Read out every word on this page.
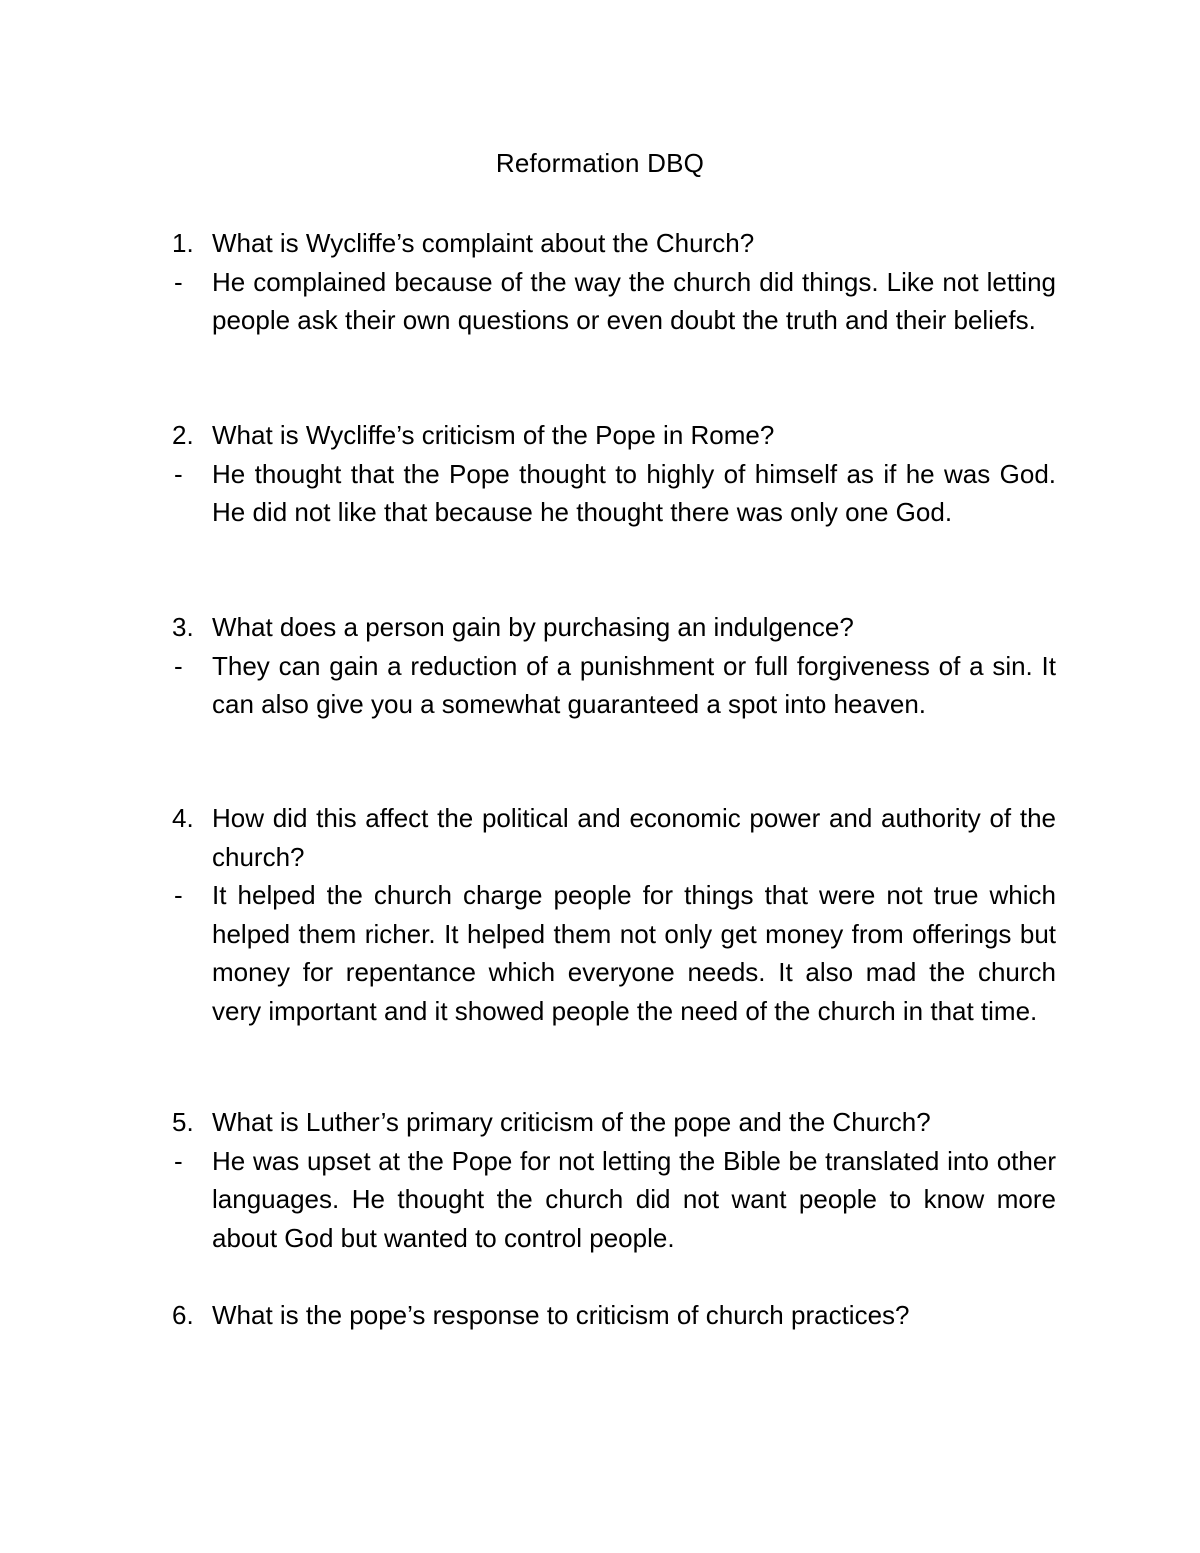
Reformation DBQ
1. What is Wycliffe’s complaint about the Church?
-	He complained because of the way the church did things. Like not letting people ask their own questions or even doubt the truth and their beliefs.
2. What is Wycliffe’s criticism of the Pope in Rome?
-	He thought that the Pope thought to highly of himself as if he was God. He did not like that because he thought there was only one God.
3. What does a person gain by purchasing an indulgence?
-	They can gain a reduction of a punishment or full forgiveness of a sin. It can also give you a somewhat guaranteed a spot into heaven.
4. How did this affect the political and economic power and authority of the church?
-	It helped the church charge people for things that were not true which helped them richer. It helped them not only get money from offerings but money for repentance which everyone needs. It also mad the church very important and it showed people the need of the church in that time.
5. What is Luther’s primary criticism of the pope and the Church?
-	He was upset at the Pope for not letting the Bible be translated into other languages. He thought the church did not want people to know more about God but wanted to control people.
6. What is the pope’s response to criticism of church practices?
